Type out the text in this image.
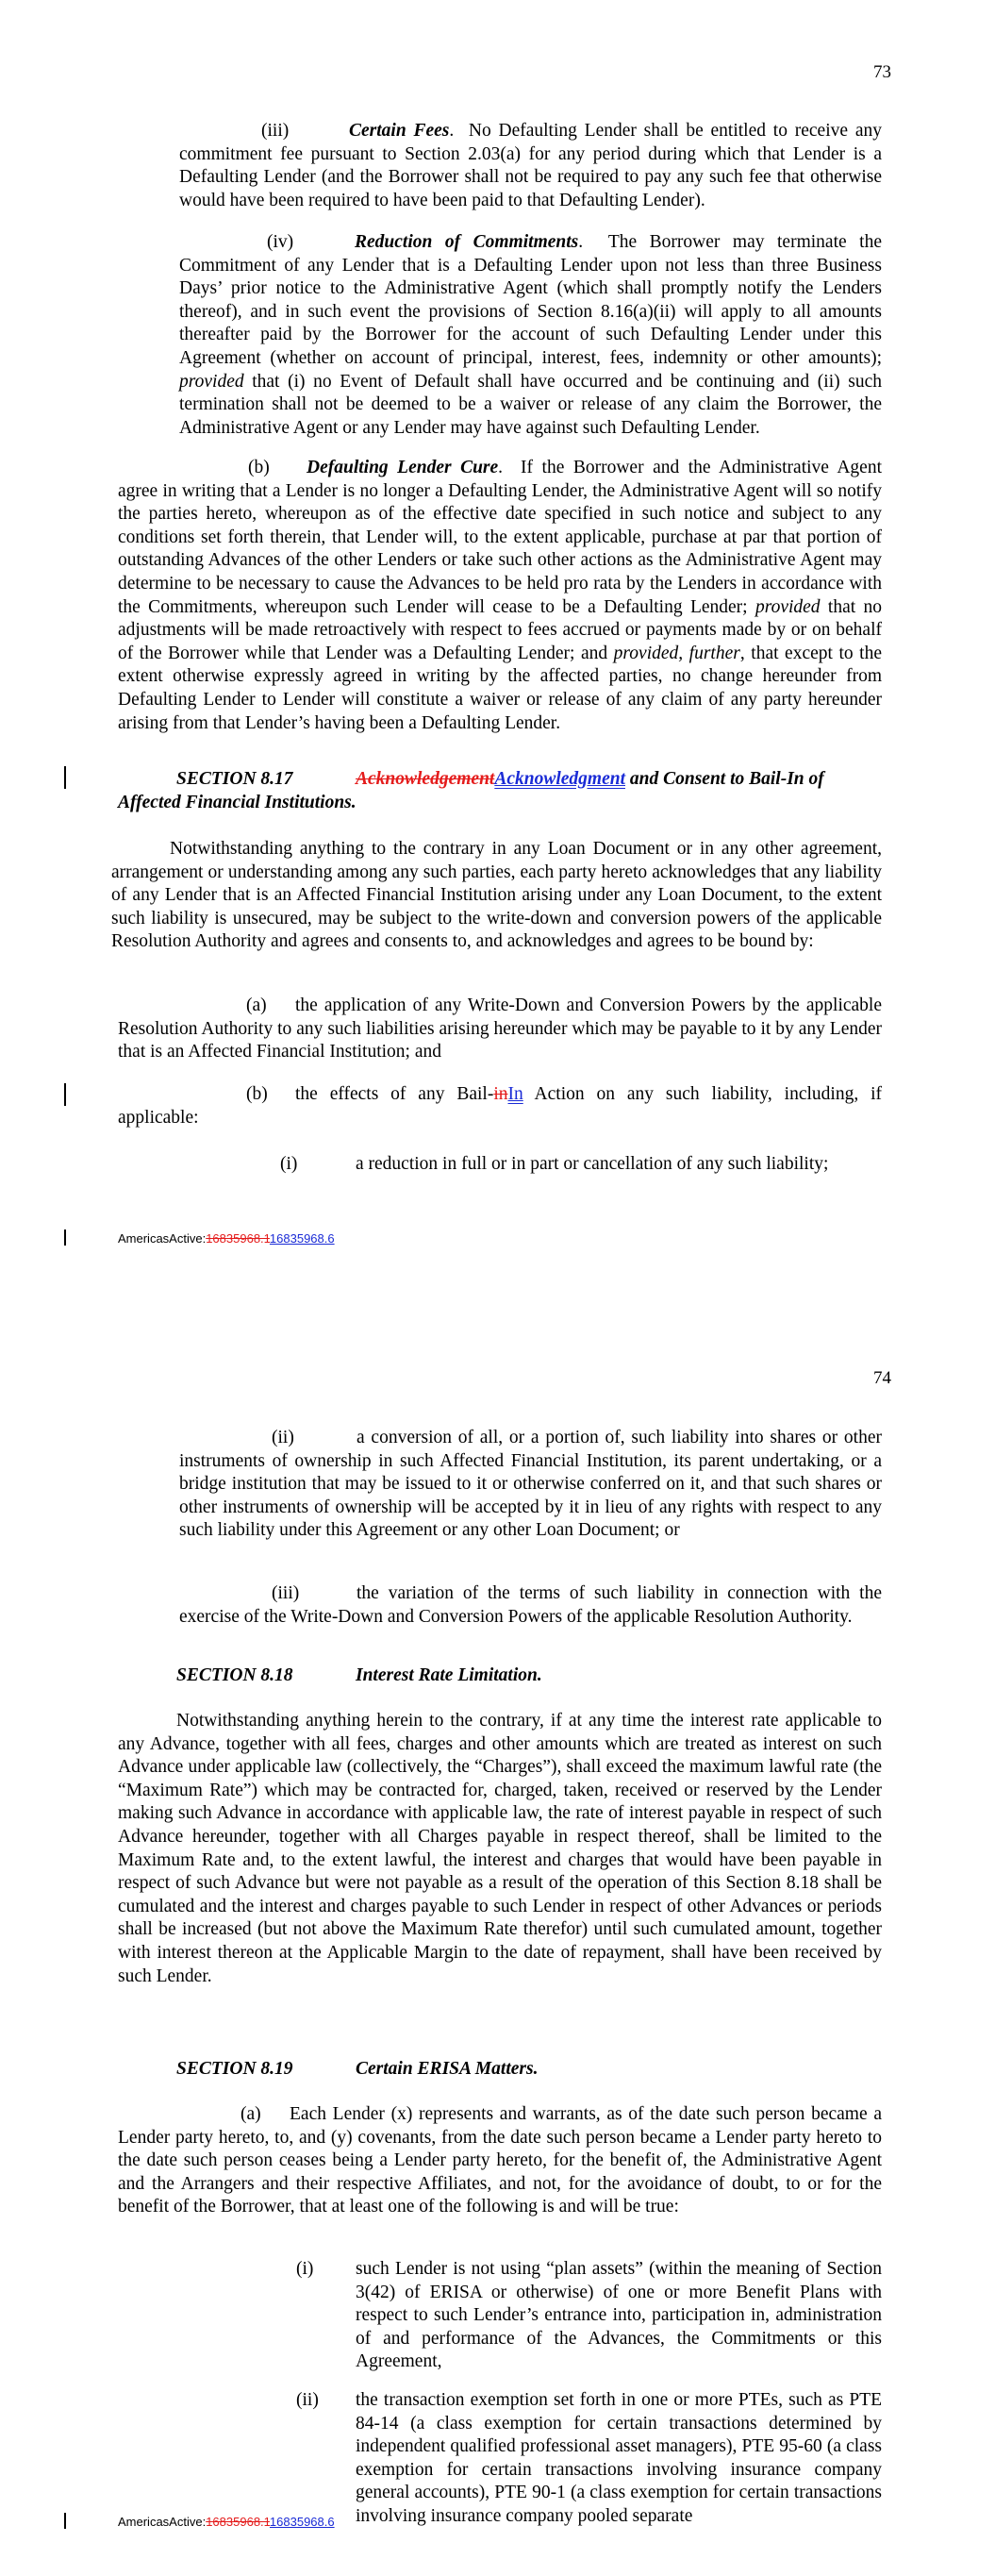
73
(iii)	Certain Fees.  No Defaulting Lender shall be entitled to receive any commitment fee pursuant to Section 2.03(a) for any period during which that Lender is a Defaulting Lender (and the Borrower shall not be required to pay any such fee that otherwise would have been required to have been paid to that Defaulting Lender).
(iv)	Reduction of Commitments.  The Borrower may terminate the Commitment of any Lender that is a Defaulting Lender upon not less than three Business Days’ prior notice to the Administrative Agent (which shall promptly notify the Lenders thereof), and in such event the provisions of Section 8.16(a)(ii) will apply to all amounts thereafter paid by the Borrower for the account of such Defaulting Lender under this Agreement (whether on account of principal, interest, fees, indemnity or other amounts); provided that (i) no Event of Default shall have occurred and be continuing and (ii) such termination shall not be deemed to be a waiver or release of any claim the Borrower, the Administrative Agent or any Lender may have against such Defaulting Lender.
(b) Defaulting Lender Cure.  If the Borrower and the Administrative Agent agree in writing that a Lender is no longer a Defaulting Lender, the Administrative Agent will so notify the parties hereto, whereupon as of the effective date specified in such notice and subject to any conditions set forth therein, that Lender will, to the extent applicable, purchase at par that portion of outstanding Advances of the other Lenders or take such other actions as the Administrative Agent may determine to be necessary to cause the Advances to be held pro rata by the Lenders in accordance with the Commitments, whereupon such Lender will cease to be a Defaulting Lender; provided that no adjustments will be made retroactively with respect to fees accrued or payments made by or on behalf of the Borrower while that Lender was a Defaulting Lender; and provided, further, that except to the extent otherwise expressly agreed in writing by the affected parties, no change hereunder from Defaulting Lender to Lender will constitute a waiver or release of any claim of any party hereunder arising from that Lender’s having been a Defaulting Lender.
SECTION 8.17	AcknowledgementAcknowledgment and Consent to Bail-In of
Affected Financial Institutions.
Notwithstanding anything to the contrary in any Loan Document or in any other agreement, arrangement or understanding among any such parties, each party hereto acknowledges that any liability of any Lender that is an Affected Financial Institution arising under any Loan Document, to the extent such liability is unsecured, may be subject to the write-down and conversion powers of the applicable Resolution Authority and agrees and consents to, and acknowledges and agrees to be bound by:
(a) the application of any Write-Down and Conversion Powers by the applicable Resolution Authority to any such liabilities arising hereunder which may be payable to it by any Lender that is an Affected Financial Institution; and
(b) the effects of any Bail-inIn Action on any such liability, including, if applicable:
(i)	a reduction in full or in part or cancellation of any such liability;
AmericasActive:16835968.116835968.6
74
(ii)	a conversion of all, or a portion of, such liability into shares or other instruments of ownership in such Affected Financial Institution, its parent undertaking, or a bridge institution that may be issued to it or otherwise conferred on it, and that such shares or other instruments of ownership will be accepted by it in lieu of any rights with respect to any such liability under this Agreement or any other Loan Document; or
(iii)	the variation of the terms of such liability in connection with the exercise of the Write-Down and Conversion Powers of the applicable Resolution Authority.
SECTION 8.18	Interest Rate Limitation.
Notwithstanding anything herein to the contrary, if at any time the interest rate applicable to any Advance, together with all fees, charges and other amounts which are treated as interest on such Advance under applicable law (collectively, the “Charges”), shall exceed the maximum lawful rate (the “Maximum Rate”) which may be contracted for, charged, taken, received or reserved by the Lender making such Advance in accordance with applicable law, the rate of interest payable in respect of such Advance hereunder, together with all Charges payable in respect thereof, shall be limited to the Maximum Rate and, to the extent lawful, the interest and charges that would have been payable in respect of such Advance but were not payable as a result of the operation of this Section 8.18 shall be cumulated and the interest and charges payable to such Lender in respect of other Advances or periods shall be increased (but not above the Maximum Rate therefor) until such cumulated amount, together with interest thereon at the Applicable Margin to the date of repayment, shall have been received by such Lender.
SECTION 8.19	Certain ERISA Matters.
(a) Each Lender (x) represents and warrants, as of the date such person became a Lender party hereto, to, and (y) covenants, from the date such person became a Lender party hereto to the date such person ceases being a Lender party hereto, for the benefit of, the Administrative Agent and the Arrangers and their respective Affiliates, and not, for the avoidance of doubt, to or for the benefit of the Borrower, that at least one of the following is and will be true:
(i) such Lender is not using “plan assets” (within the meaning of Section 3(42) of ERISA or otherwise) of one or more Benefit Plans with respect to such Lender’s entrance into, participation in, administration of and performance of the Advances, the Commitments or this Agreement,
(ii) the transaction exemption set forth in one or more PTEs, such as PTE 84-14 (a class exemption for certain transactions determined by independent qualified professional asset managers), PTE 95-60 (a class exemption for certain transactions involving insurance company general accounts), PTE 90-1 (a class exemption for certain transactions involving insurance company pooled separate
AmericasActive:16835968.116835968.6
